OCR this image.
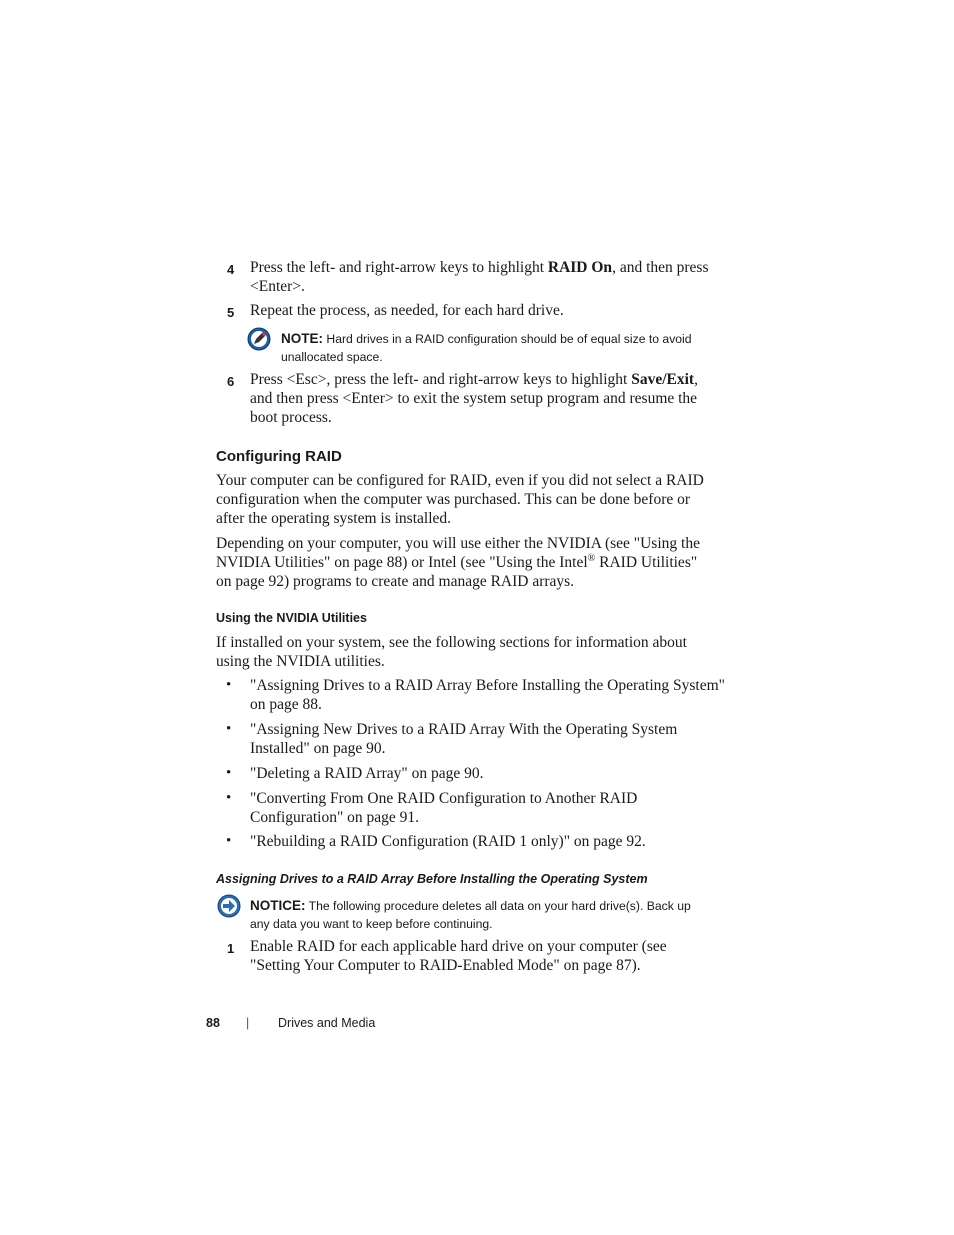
4 Press the left- and right-arrow keys to highlight RAID On, and then press
<Enter>.
5 Repeat the process, as needed, for each hard drive.
NOTE: Hard drives in a RAID configuration should be of equal size to avoid
unallocated space.
6 Press <Esc>, press the left- and right-arrow keys to highlight Save/Exit,
and then press <Enter> to exit the system setup program and resume the
boot process.
Configuring RAID
Your computer can be configured for RAID, even if you did not select a RAID
configuration when the computer was purchased. This can be done before or
after the operating system is installed.
Depending on your computer, you will use either the NVIDIA (see "Using the
NVIDIA Utilities" on page 88) or Intel (see "Using the Intel® RAID Utilities"
on page 92) programs to create and manage RAID arrays.
Using the NVIDIA Utilities
If installed on your system, see the following sections for information about
using the NVIDIA utilities.
• "Assigning Drives to a RAID Array Before Installing the Operating System"
on page 88.
• "Assigning New Drives to a RAID Array With the Operating System
Installed" on page 90.
• "Deleting a RAID Array" on page 90.
• "Converting From One RAID Configuration to Another RAID
Configuration" on page 91.
• "Rebuilding a RAID Configuration (RAID 1 only)" on page 92.
Assigning Drives to a RAID Array Before Installing the Operating System
NOTICE: The following procedure deletes all data on your hard drive(s). Back up
any data you want to keep before continuing.
1 Enable RAID for each applicable hard drive on your computer (see
"Setting Your Computer to RAID-Enabled Mode" on page 87).
88 | Drives and Media
